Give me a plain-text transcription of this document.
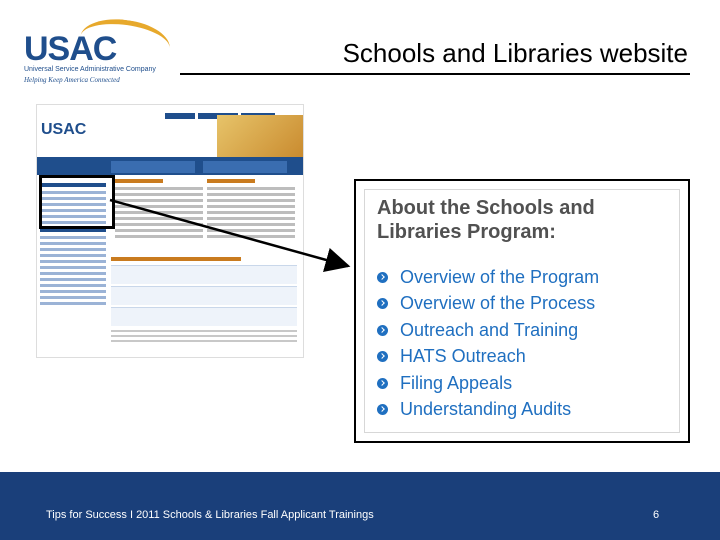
USAC
Universal Service Administrative Company
Helping Keep America Connected
Schools and Libraries website
USAC
About the Schools and Libraries Program:
Overview of the Program
Overview of the Process
Outreach and Training
HATS Outreach
Filing Appeals
Understanding Audits
Tips for Success I 2011 Schools & Libraries Fall Applicant Trainings	6
